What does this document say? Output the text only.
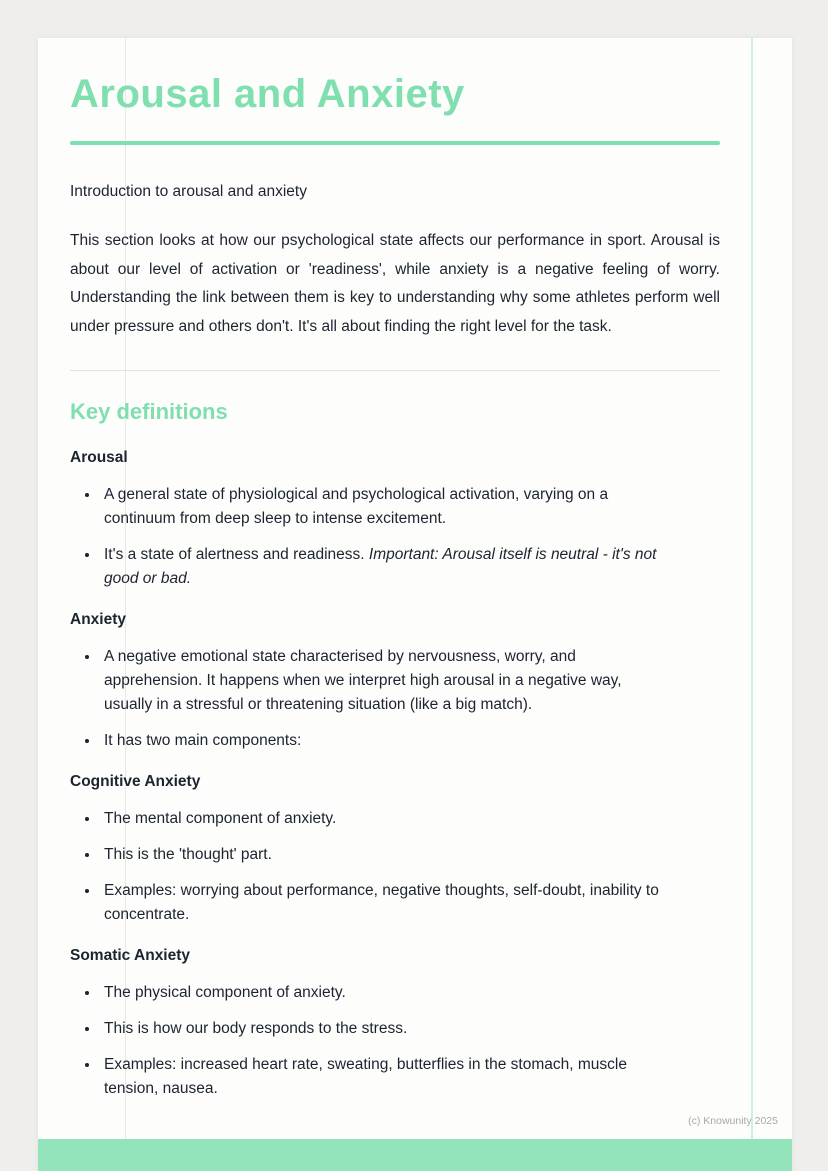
Arousal and Anxiety

Introduction to arousal and anxiety

This section looks at how our psychological state affects our performance in sport. Arousal is about our level of activation or 'readiness', while anxiety is a negative feeling of worry. Understanding the link between them is key to understanding why some athletes perform well under pressure and others don't. It's all about finding the right level for the task.

Key definitions
Arousal
• A general state of physiological and psychological activation, varying on a continuum from deep sleep to intense excitement.
• It's a state of alertness and readiness. Important: Arousal itself is neutral - it's not good or bad.
Anxiety
• A negative emotional state characterised by nervousness, worry, and apprehension. It happens when we interpret high arousal in a negative way, usually in a stressful or threatening situation (like a big match).
• It has two main components:
Cognitive Anxiety
• The mental component of anxiety.
• This is the 'thought' part.
• Examples: worrying about performance, negative thoughts, self-doubt, inability to concentrate.
Somatic Anxiety
• The physical component of anxiety.
• This is how our body responds to the stress.
• Examples: increased heart rate, sweating, butterflies in the stomach, muscle tension, nausea.
(c) Knowunity 2025
